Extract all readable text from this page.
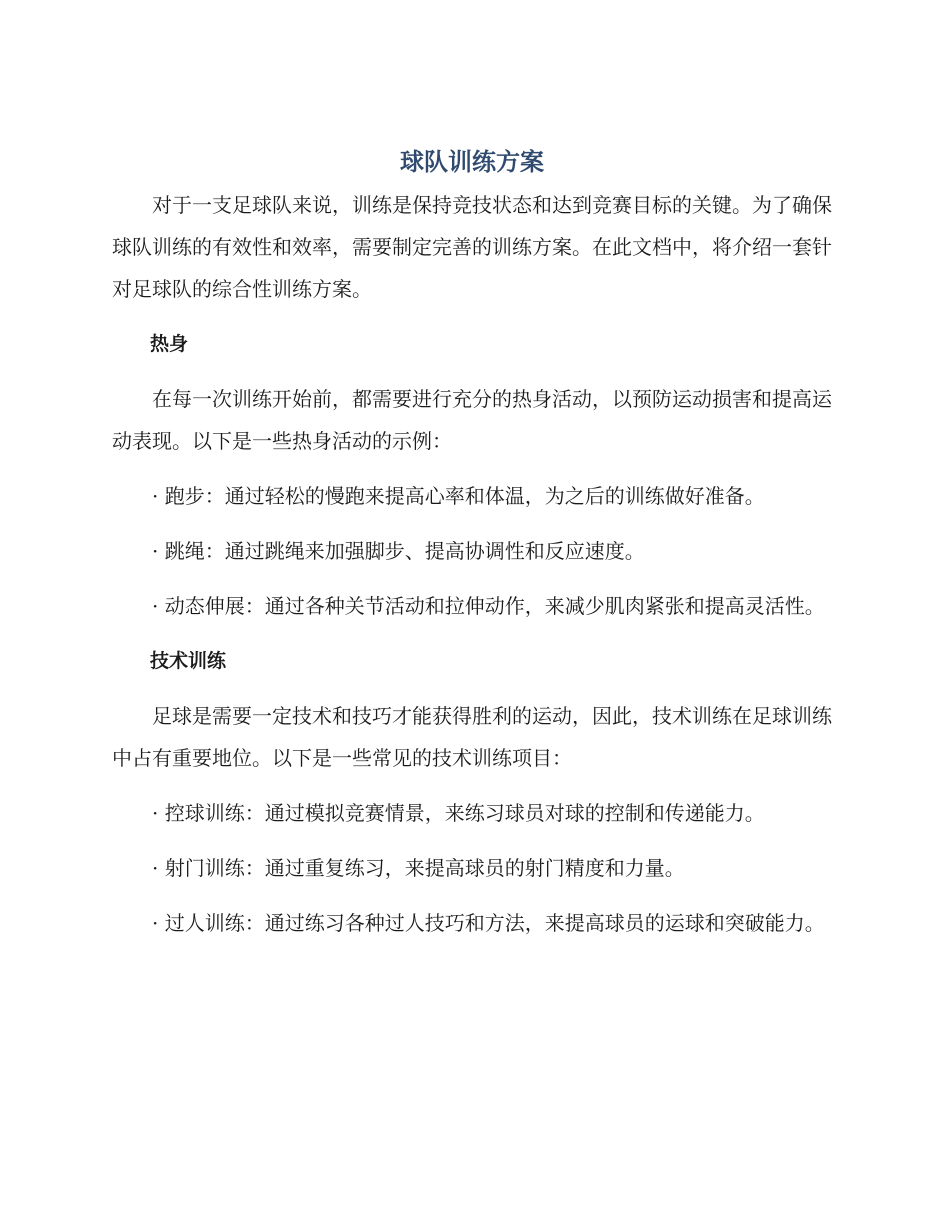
球队训练方案

对于一支足球队来说，训练是保持竞技状态和达到竞赛目标的关键。为了确保球队训练的有效性和效率，需要制定完善的训练方案。在此文档中，将介绍一套针对足球队的综合性训练方案。

热身

在每一次训练开始前，都需要进行充分的热身活动，以预防运动损害和提高运动表现。以下是一些热身活动的示例：

· 跑步：通过轻松的慢跑来提高心率和体温，为之后的训练做好准备。

· 跳绳：通过跳绳来加强脚步、提高协调性和反应速度。

· 动态伸展：通过各种关节活动和拉伸动作，来减少肌肉紧张和提高灵活性。

技术训练

足球是需要一定技术和技巧才能获得胜利的运动，因此，技术训练在足球训练中占有重要地位。以下是一些常见的技术训练项目：

· 控球训练：通过模拟竞赛情景，来练习球员对球的控制和传递能力。

· 射门训练：通过重复练习，来提高球员的射门精度和力量。

· 过人训练：通过练习各种过人技巧和方法，来提高球员的运球和突破能力。
